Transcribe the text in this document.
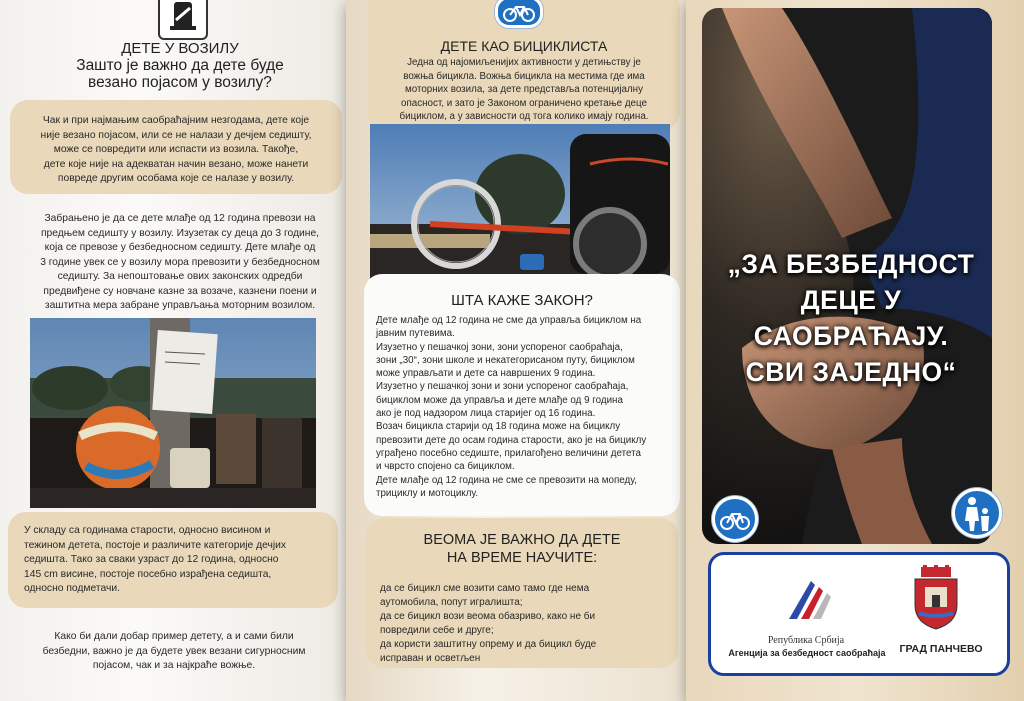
ДЕТЕ У ВОЗИЛУ
Зашто је важно да дете буде
везано појасом у возилу?
Чак и при најмањим саобраћајним незгодама, дете које
није везано појасом, или се не налази у дечјем седишту,
може се повредити или испасти из возила. Такође,
дете које није на адекватан начин везано, може нанети
повреде другим особама које се налазе у возилу.
Забрањено је да се дете млађе од 12 година превози на
предњем седишту у возилу. Изузетак су деца до 3 године,
која се превозе у безбедносном седишту. Дете млађе од
3 године увек се у возилу мора превозити у безбедносном
седишту. За непоштовање ових законских одредби
предвиђене су новчане казне за возаче, казнени поени и
заштитна мера забране управљања моторним возилом.
У складу са годинама старости, односно висином и
тежином детета, постоје и различите категорије дечјих
седишта. Тако за сваки узраст до 12 година, односно
145 cm висине, постоје посебно израђена седишта,
односно подметачи.
Како би дали добар пример детету, а и сами били
безбедни, важно је да будете увек везани сигурносним
појасом, чак и за најкраће вожње.
ДЕТЕ КАО БИЦИКЛИСТА
Једна од најомиљенијих активности у детињству је
вожња бицикла. Вожња бициклa на местима где има
моторних возила, за дете представља потенцијалну
опасност, и зато је Законом ограничено кретање деце
бициклом, а у зависности од тога колико имају година.
ШТА КАЖЕ ЗАКОН?
Дете млађе од 12 година не сме да управља бициклом на
јавним путевима.
Изузетно у пешачкој зони, зони успореног саобраћаја,
зони „30“, зони школе и некатегорисаном путу, бициклом
може управљати и дете са навршених 9 година.
Изузетно у пешачкој зони и зони успореног саобраћаја,
бициклом може да управља и дете млађе од 9 година
ако је под надзором лица старијег од 16 година.
Возач бицикла старији од 18 година може на бициклу
превозити дете до осам година старости, ако је на бициклу
уграђено посебно седиште, прилагођено величини детета
и чврсто спојено са бициклом.
Дете млађе од 12 година не сме се превозити на мопеду,
трициклу и мотоциклу.
ВЕОМА ЈЕ ВАЖНО ДА ДЕТЕ
НА ВРЕМЕ НАУЧИТЕ:
да се бицикл сме возити само тамо где нема
аутомобила, попут игралишта;
да се бицикл вози веома обазриво, како не би
повредили себе и друге;
да користи заштитну опрему и да бицикл буде
исправан и осветљен
„ЗА БЕЗБЕДНОСТ
ДЕЦЕ У
САОБРАЋАЈУ.
СВИ ЗАЈЕДНО“
Република Србија
Агенција за безбедност саобраћаја	ГРАД ПАНЧЕВО
